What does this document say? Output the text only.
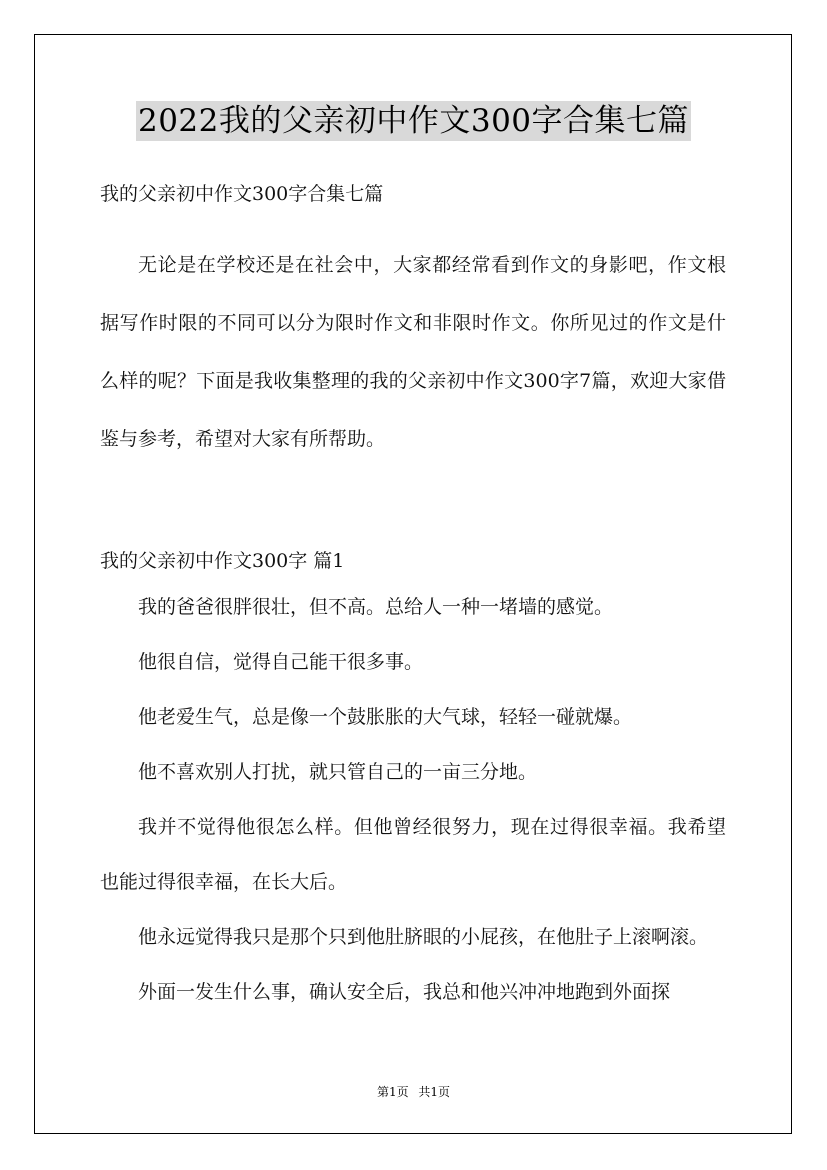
2022我的父亲初中作文300字合集七篇

我的父亲初中作文300字合集七篇

无论是在学校还是在社会中，大家都经常看到作文的身影吧，作文根据写作时限的不同可以分为限时作文和非限时作文。你所见过的作文是什么样的呢？下面是我收集整理的我的父亲初中作文300字7篇，欢迎大家借鉴与参考，希望对大家有所帮助。

我的父亲初中作文300字 篇1

我的爸爸很胖很壮，但不高。总给人一种一堵墙的感觉。

他很自信，觉得自己能干很多事。

他老爱生气，总是像一个鼓胀胀的大气球，轻轻一碰就爆。

他不喜欢别人打扰，就只管自己的一亩三分地。

我并不觉得他很怎么样。但他曾经很努力，现在过得很幸福。我希望也能过得很幸福，在长大后。

他永远觉得我只是那个只到他肚脐眼的小屁孩，在他肚子上滚啊滚。

外面一发生什么事，确认安全后，我总和他兴冲冲地跑到外面探

第1页 共1页
